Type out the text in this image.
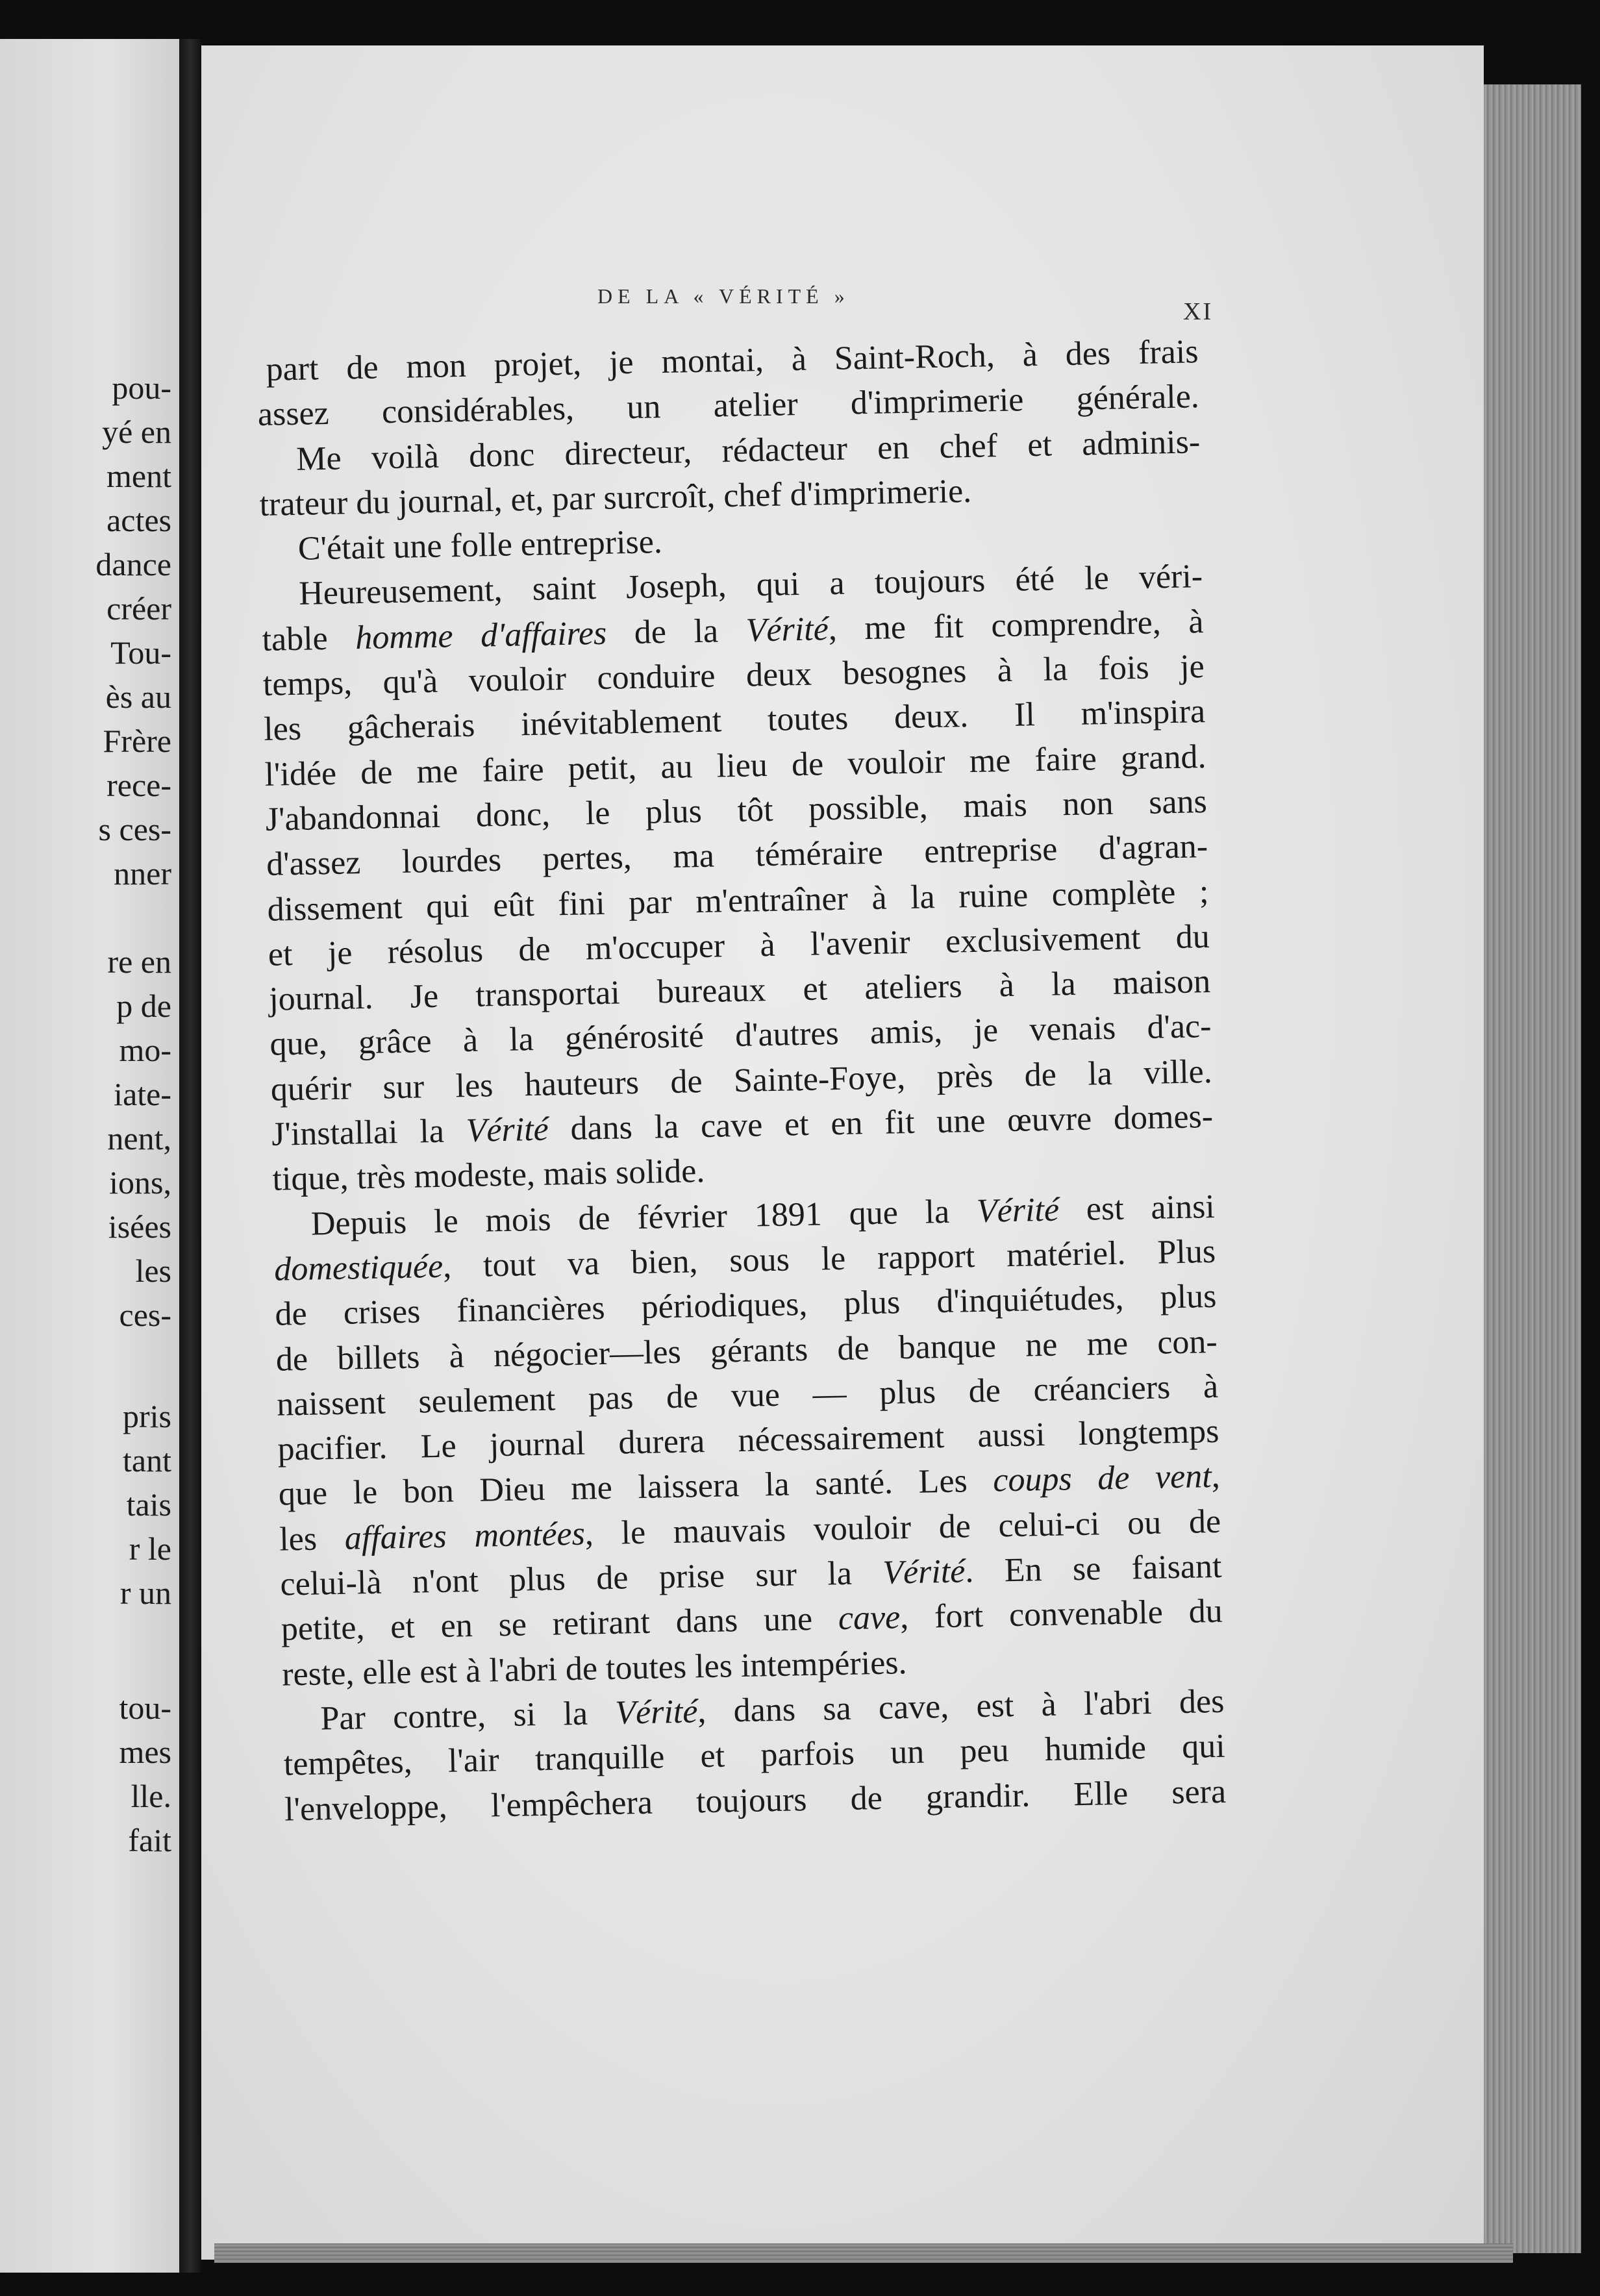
pou-

yé en

ment

actes

dance

créer

Tou-

ès au

Frère

rece-

s ces-

nner

re en

p de

mo-

iate-

nent,

ions,

isées

les

ces-

pris

tant

tais

r le

r un

tou-

mes

lle.

fait

DE LA « VÉRITÉ »

XI

part de mon projet, je montai, à Saint-Roch, à des frais
assez considérables, un atelier d'imprimerie générale.
Me voilà donc directeur, rédacteur en chef et adminis-
trateur du journal, et, par surcroît, chef d'imprimerie.
C'était une folle entreprise.
Heureusement, saint Joseph, qui a toujours été le véri-
table homme d'affaires de la Vérité, me fit comprendre, à
temps, qu'à vouloir conduire deux besognes à la fois je
les gâcherais inévitablement toutes deux. Il m'inspira
l'idée de me faire petit, au lieu de vouloir me faire grand.
J'abandonnai donc, le plus tôt possible, mais non sans
d'assez lourdes pertes, ma téméraire entreprise d'agran-
dissement qui eût fini par m'entraîner à la ruine complète ;
et je résolus de m'occuper à l'avenir exclusivement du
journal. Je transportai bureaux et ateliers à la maison
que, grâce à la générosité d'autres amis, je venais d'ac-
quérir sur les hauteurs de Sainte-Foye, près de la ville.
J'installai la Vérité dans la cave et en fit une œuvre domes-
tique, très modeste, mais solide.
Depuis le mois de février 1891 que la Vérité est ainsi
domestiquée, tout va bien, sous le rapport matériel. Plus
de crises financières périodiques, plus d'inquiétudes, plus
de billets à négocier—les gérants de banque ne me con-
naissent seulement pas de vue — plus de créanciers à
pacifier. Le journal durera nécessairement aussi longtemps
que le bon Dieu me laissera la santé. Les coups de vent,
les affaires montées, le mauvais vouloir de celui-ci ou de
celui-là n'ont plus de prise sur la Vérité. En se faisant
petite, et en se retirant dans une cave, fort convenable du
reste, elle est à l'abri de toutes les intempéries.
Par contre, si la Vérité, dans sa cave, est à l'abri des
tempêtes, l'air tranquille et parfois un peu humide qui
l'enveloppe, l'empêchera toujours de grandir. Elle sera
